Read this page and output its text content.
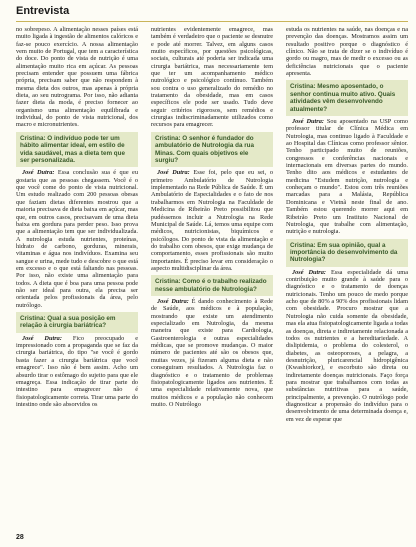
Entrevista

no sobrepeso. A alimentação nesses países está muito ligada à ingestão de alimentos calóricos e faz-se pouco exercício. A nossa alimentação vem muito de Portugal, que tem a característica do doce. Do ponto de vista de nutrição é uma alimentação muito rica em açúcar. As pessoas precisam entender que possuem uma fábrica própria, precisam saber que não respondem à mesma dieta dos outros, mas apenas à própria dieta, ao seu nutrograma. Por isso, não adianta fazer dieta da moda, é preciso fornecer ao organismo uma alimentação equilibrada e individual, do ponto de vista nutricional, dos macro e micronutrientes.

Cristina: O indivíduo pode ter um hábito alimentar ideal, em estilo de vida saudável, mas a dieta tem que ser personalizada.

José Dutra: Essa conclusão sua é que eu gostaria que as pessoas chegassem. Você é o que você come do ponto de vista nutricional. Um estudo realizado com 200 pessoas obesas que faziam dietas diferentes mostrou que a maioria precisava de dieta baixa em açúcar, mas que, em outros casos, precisavam de uma dieta baixa em gordura para perder peso. Isso prova que a alimentação tem que ser individualizada. A nutrologia estuda nutrientes, proteínas, hidrato de carbono, gorduras, minerais, vitaminas e água nos indivíduos. Examina seu sangue e urina, mede tudo e descobre o que está em excesso e o que está faltando nas pessoas. Por isso, não existe uma alimentação para todos. A dieta que é boa para uma pessoa pode não ser ideal para outra, ela precisa ser orientada pelos profissionais da área, pelo nutrólogo.

Cristina: Qual a sua posição em relação à cirurgia bariátrica?

José Dutra: Fico preocupado e impressionado com a propaganda que se faz da cirurgia bariátrica, do tipo "se você é gordo basta fazer a cirurgia bariátrica que você emagrece". Isso não é bem assim. Acho um absurdo tirar o estômago do sujeito para que ele emagreça. Essa indicação de tirar parte do intestino para emagrecer não é fisiopatologicamente correta. Tirar uma parte do intestino onde são absorvidos os

nutrientes evidentemente emagrece, mas também é verdadeiro que o paciente se desnutre e pode até morrer. Talvez, em alguns casos muito específicos, por questões psicológicas, sociais, culturais até poderia ser indicada uma cirurgia bariátrica, mas necessariamente tem que ter um acompanhamento médico nutrológico e psicológico contínuo. Também sou contra o uso generalizado do remédio no tratamento da obesidade, mas em casos específicos ele pode ser usado. Tudo deve seguir critérios rigorosos, sem remédios e cirurgias indiscriminadamente utilizados como recursos para emagrecer.

Cristina: O senhor é fundador do ambulatório de Nutrologia da rua Minas. Com quais objetivos ele surgiu?

José Dutra: Esse foi, pelo que eu sei, o primeiro Ambulatório de Nutrologia implementado na Rede Pública de Saúde. É um Ambulatório de Especialidades e o fato de nos trabalharmos em Nutrologia na Faculdade de Medicina de Ribeirão Preto possibilitou que pudéssemos incluir a Nutrologia na Rede Municipal de Saúde. Lá, temos uma equipe com médicos, nutricionistas, biquímicos e psicólogos. Do ponto de vista da alimentação e do trabalho com obesos, que exige mudança de comportamento, esses profissionais são muito importantes. É preciso levar em consideração o aspecto multidisciplinar da área.

Cristina: Como é o trabalho realizado nesse ambulatório de Nutrologia?

José Dutra: É dando conhecimento à Rede de Saúde, aos médicos e à população, mostrando que existe um atendimento especializado em Nutrologia, da mesma maneira que existe para Cardiologia, Gastroenterologia e outras especialidades médicas, que se promove mudanças. O maior número de pacientes até são os obesos que, muitas vezes, já fizeram alguma dieta e não conseguiram resultados. A Nutrologia faz o diagnóstico e o tratamento de problemas fisiopatologicamente ligados aos nutrientes. É uma especialidade relativamente nova, que muitos médicos e a população não conhecem muito. O Nutrólogo

estuda os nutrientes na saúde, nas doenças e na prevenção das doenças. Mostramos assim um resultado positivo porque o diagnóstico é clínico. Não se trata de dizer se o indivíduo é gordo ou magro, mas de medir o excesso ou as deficiências nutricionais que o paciente apresenta.

Cristina: Mesmo aposentado, o senhor continua muito ativo. Quais atividades vêm desenvolvendo atualmente?

José Dutra: Sou aposentado na USP como professor titular de Clínica Médica em Nutrologia, mas continuo ligado à Faculdade e ao Hospital das Clínicas como professor sênior. Tenho participado muito de reuniões, congressos e conferências nacionais e internacionais em diversas partes do mundo. Tenho dito aos médicos e estudantes de medicina "Estudem nutrição, nutrologia e conheçam o mundo". Estou com três reuniões marcadas para a Malásia, República Dominicana e Vietnã neste final de ano. Também estou querendo morrer aqui em Ribeirão Preto um Instituto Nacional de Nutrologia, que trabalhe com alimentação, nutrição e nutrologia.

Cristina: Em sua opinião, qual a importância do desenvolvimento da Nutrologia?

José Dutra: Essa especialidade dá uma contribuição muito grande à saúde para o diagnóstico e o tratamento de doenças nutricionais. Tenho um pouco de medo porque acho que de 80% a 90% dos profissionais lidam com obesidade. Procuro mostrar que a Nutrologia não cuida somente da obesidade, mas ela atua fisiopatologicamente ligada a todas as doenças, direta e indiretamente relacionada a todos os nutrientes e a hereditariedade. A dislipidemia, o problema do colesterol, o diabetes, as osteoporoses, a pelagra, a desnutrição, pluricarencial hidropigênica (Kwashiorkor), e escorbuto são direta ou indiretamente doenças nutricionais. Faço força para mostrar que trabalhamos com todas as substâncias nutritivas para a saúde, principalmente, a prevenção. O nutrólogo pode diagnosticar a propensão do indivíduo para o desenvolvimento de uma determinada doença e, em vez de esperar que

28
